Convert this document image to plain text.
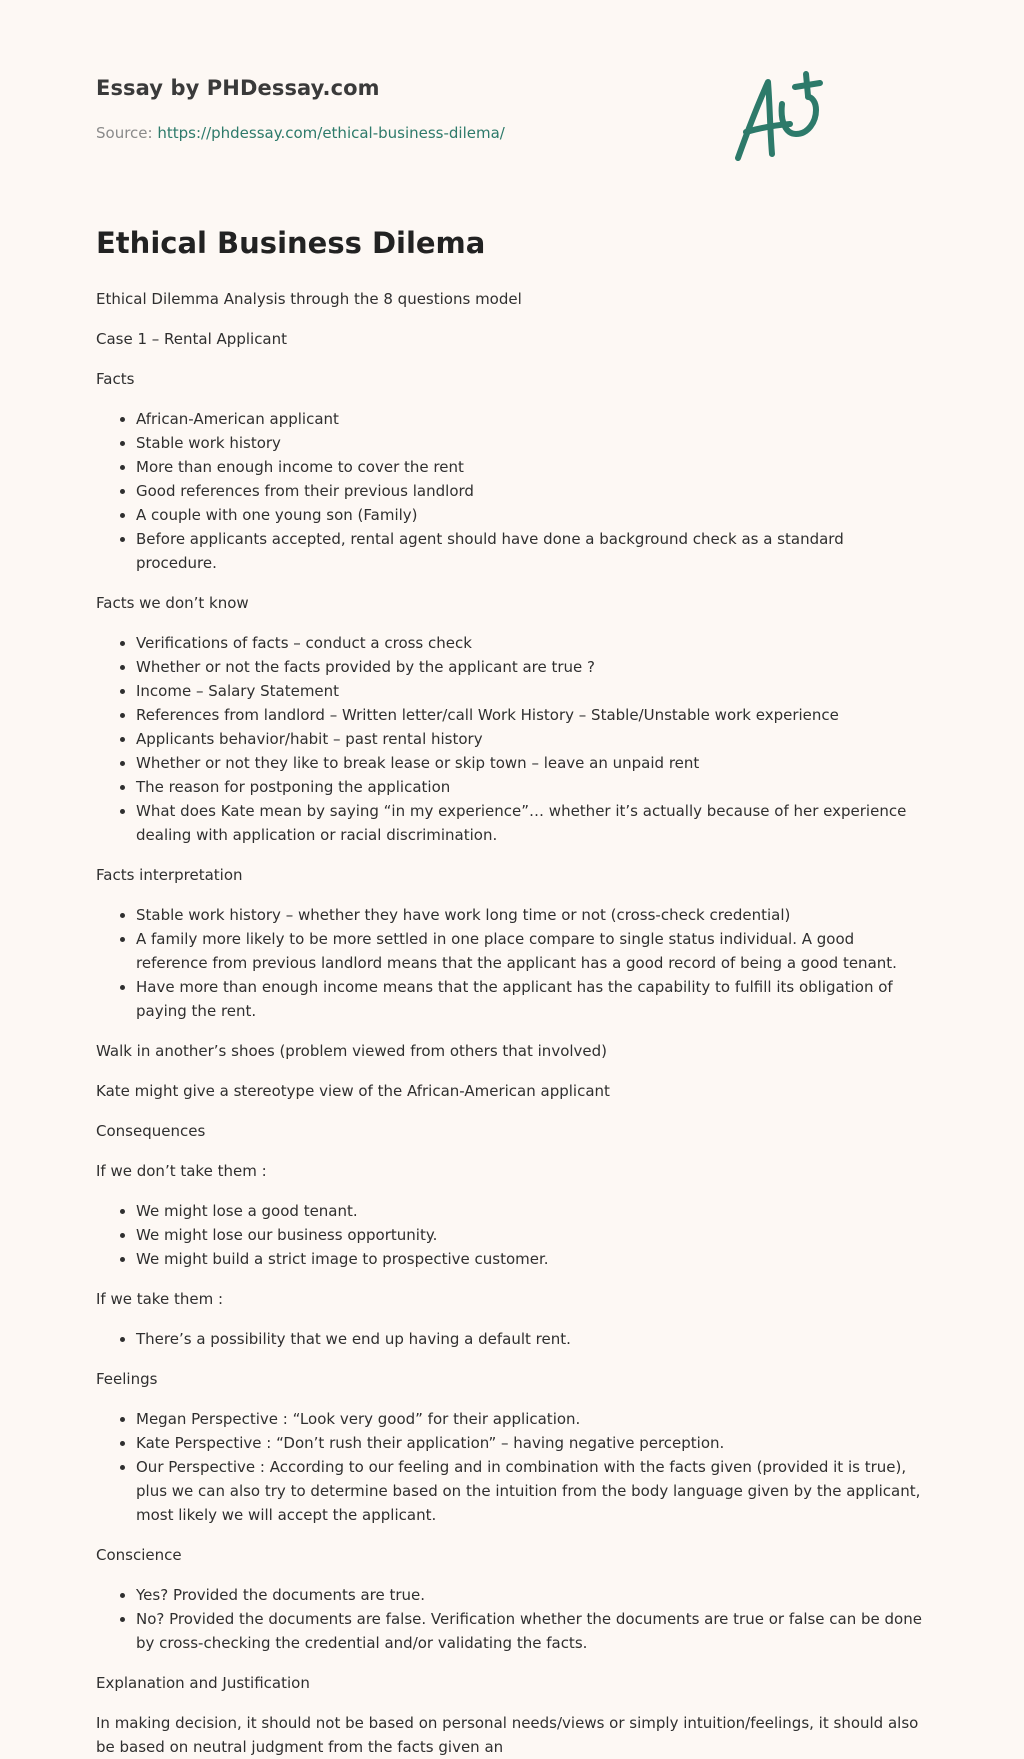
Essay by PHDessay.com
Source: https://phdessay.com/ethical-business-dilema/
Ethical Business Dilema

Ethical Dilemma Analysis through the 8 questions model

Case 1 – Rental Applicant

Facts

• African-American applicant
• Stable work history
• More than enough income to cover the rent
• Good references from their previous landlord
• A couple with one young son (Family)
• Before applicants accepted, rental agent should have done a background check as a standard procedure.

Facts we don’t know

• Verifications of facts – conduct a cross check
• Whether or not the facts provided by the applicant are true ?
• Income – Salary Statement
• References from landlord – Written letter/call Work History – Stable/Unstable work experience
• Applicants behavior/habit – past rental history
• Whether or not they like to break lease or skip town – leave an unpaid rent
• The reason for postponing the application
• What does Kate mean by saying “in my experience”… whether it’s actually because of her experience dealing with application or racial discrimination.

Facts interpretation

• Stable work history – whether they have work long time or not (cross-check credential)
• A family more likely to be more settled in one place compare to single status individual. A good reference from previous landlord means that the applicant has a good record of being a good tenant.
• Have more than enough income means that the applicant has the capability to fulfill its obligation of paying the rent.

Walk in another’s shoes (problem viewed from others that involved)

Kate might give a stereotype view of the African-American applicant

Consequences

If we don’t take them :

• We might lose a good tenant.
• We might lose our business opportunity.
• We might build a strict image to prospective customer.

If we take them :

• There’s a possibility that we end up having a default rent.

Feelings

• Megan Perspective : “Look very good” for their application.
• Kate Perspective : “Don’t rush their application” – having negative perception.
• Our Perspective : According to our feeling and in combination with the facts given (provided it is true), plus we can also try to determine based on the intuition from the body language given by the applicant, most likely we will accept the applicant.

Conscience

• Yes? Provided the documents are true.
• No? Provided the documents are false. Verification whether the documents are true or false can be done by cross-checking the credential and/or validating the facts.

Explanation and Justification

In making decision, it should not be based on personal needs/views or simply intuition/feelings, it should also be based on neutral judgment from the facts given an
